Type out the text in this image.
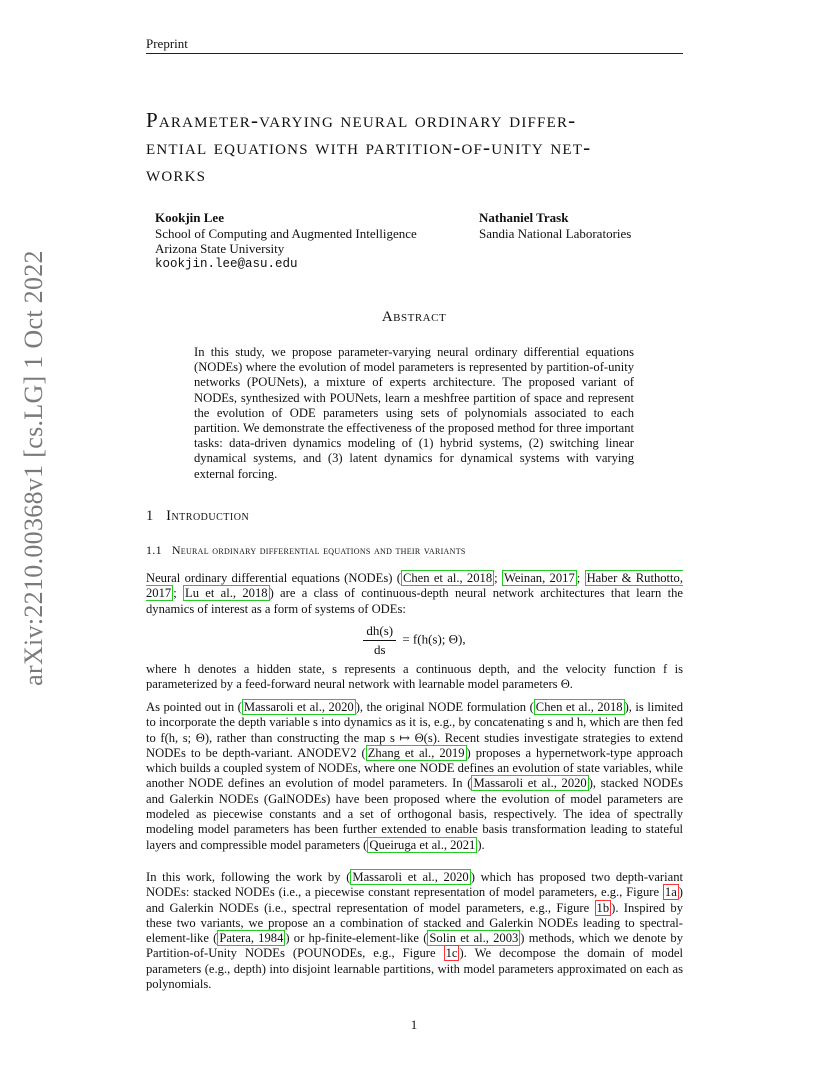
Preprint
arXiv:2210.00368v1 [cs.LG] 1 Oct 2022
Parameter-varying neural ordinary differ-
ential equations with partition-of-unity net-
works
Kookjin Lee
School of Computing and Augmented Intelligence
Arizona State University
kookjin.lee@asu.edu
Nathaniel Trask
Sandia National Laboratories
Abstract
In this study, we propose parameter-varying neural ordinary differential equations (NODEs) where the evolution of model parameters is represented by partition-of-unity networks (POUNets), a mixture of experts architecture. The proposed variant of NODEs, synthesized with POUNets, learn a meshfree partition of space and represent the evolution of ODE parameters using sets of polynomials associated to each partition. We demonstrate the effectiveness of the proposed method for three important tasks: data-driven dynamics modeling of (1) hybrid systems, (2) switching linear dynamical systems, and (3) latent dynamics for dynamical systems with varying external forcing.
1 Introduction
1.1 Neural ordinary differential equations and their variants
Neural ordinary differential equations (NODEs) ( Chen et al., 2018 ; Weinan, 2017 ; Haber & Ruthotto, 2017 ; Lu et al., 2018 ) are a class of continuous-depth neural network architectures that learn the dynamics of interest as a form of systems of ODEs:
$\frac{dh(s)}{ds} = f(h(s)$; Θ),
where h denotes a hidden state, s represents a continuous depth, and the velocity function f is parameterized by a feed-forward neural network with learnable model parameters Θ.
As pointed out in ( Massaroli et al., 2020 ), the original NODE formulation ( Chen et al., 2018 ), is limited to incorporate the depth variable s into dynamics as it is, e.g., by concatenating s and h, which are then fed to f(h, s; Θ), rather than constructing the map s ↦ Θ(s). Recent studies investigate strategies to extend NODEs to be depth-variant. ANODEV2 ( Zhang et al., 2019 ) proposes a hypernetwork-type approach which builds a coupled system of NODEs, where one NODE defines an evolution of state variables, while another NODE defines an evolution of model parameters. In ( Massaroli et al., 2020 ), stacked NODEs and Galerkin NODEs (GalNODEs) have been proposed where the evolution of model parameters are modeled as piecewise constants and a set of orthogonal basis, respectively. The idea of spectrally modeling model parameters has been further extended to enable basis transformation leading to stateful layers and compressible model parameters ( Queiruga et al., 2021 ).
In this work, following the work by ( Massaroli et al., 2020 ) which has proposed two depth-variant NODEs: stacked NODEs (i.e., a piecewise constant representation of model parameters, e.g., Figure 1a ) and Galerkin NODEs (i.e., spectral representation of model parameters, e.g., Figure 1b ). Inspired by these two variants, we propose an a combination of stacked and Galerkin NODEs leading to spectral-element-like ( Patera, 1984 ) or hp-finite-element-like ( Solin et al., 2003 ) methods, which we denote by Partition-of-Unity NODEs (POUNODEs, e.g., Figure 1c ). We decompose the domain of model parameters (e.g., depth) into disjoint learnable partitions, with model parameters approximated on each as polynomials.
1
